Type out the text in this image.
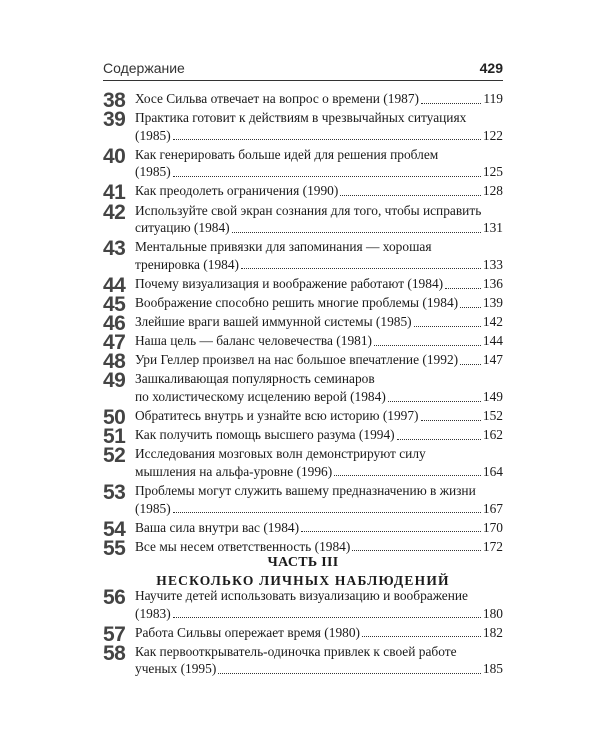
Содержание	429
38 Хосе Сильва отвечает на вопрос о времени (1987)	119
39 Практика готовит к действиям в чрезвычайных ситуациях
(1985)	122
40 Как генерировать больше идей для решения проблем
(1985)	125
41 Как преодолеть ограничения (1990)	128
42 Используйте свой экран сознания для того, чтобы исправить
ситуацию (1984)	131
43 Ментальные привязки для запоминания — хорошая
тренировка (1984)	133
44 Почему визуализация и воображение работают (1984)	136
45 Воображение способно решить многие проблемы (1984) 139
46 Злейшие враги вашей иммунной системы (1985)	142
47 Наша цель — баланс человечества (1981)	144
48 Ури Геллер произвел на нас большое впечатление (1992) 147
49 Зашкаливающая популярность семинаров
по холистическому исцелению верой (1984)	149
50 Обратитесь внутрь и узнайте всю историю (1997)	152
51 Как получить помощь высшего разума (1994)	162
52 Исследования мозговых волн демонстрируют силу
мышления на альфа-уровне (1996)	164
53 Проблемы могут служить вашему предназначению в жизни
(1985)	167
54 Ваша сила внутри вас (1984)	170
55 Все мы несем ответственность (1984)	172
ЧАСТЬ III
НЕСКОЛЬКО ЛИЧНЫХ НАБЛЮДЕНИЙ
56 Научите детей использовать визуализацию и воображение
(1983)	180
57 Работа Сильвы опережает время (1980)	182
58 Как первооткрыватель-одиночка привлек к своей работе
ученых (1995)	185
